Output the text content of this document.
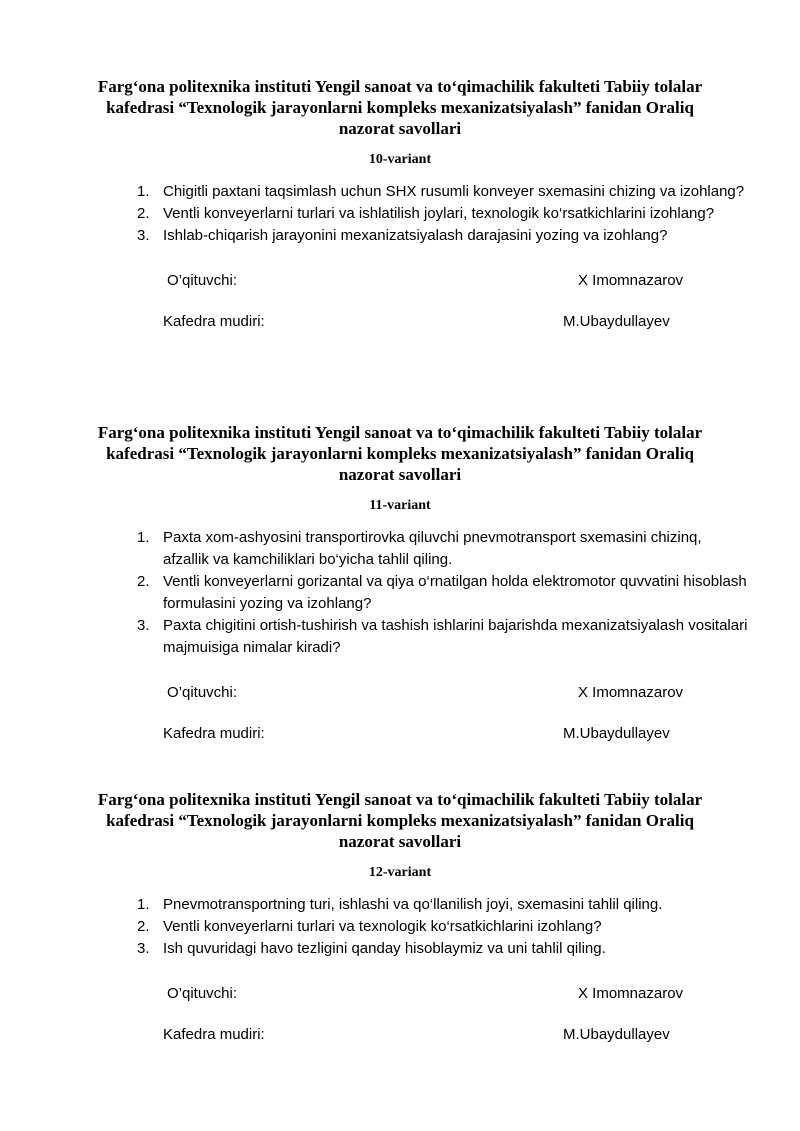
Farg‘ona politexnika instituti Yengil sanoat va to‘qimachilik fakulteti Tabiiy tolalar kafedrasi “Texnologik jarayonlarni kompleks mexanizatsiyalash” fanidan Oraliq nazorat savollari
10-variant
1. Chigitli paxtani taqsimlash uchun SHX rusumli konveyer sxemasini chizing va izohlang?
2. Ventli konveyerlarni turlari va ishlatilish joylari, texnologik ko‘rsatkichlarini izohlang?
3. Ishlab-chiqarish jarayonini mexanizatsiyalash darajasini yozing va izohlang?
O’qituvchi:	X Imomnazarov
Kafedra mudiri:	M.Ubaydullayev
Farg‘ona politexnika instituti Yengil sanoat va to‘qimachilik fakulteti Tabiiy tolalar kafedrasi “Texnologik jarayonlarni kompleks mexanizatsiyalash” fanidan Oraliq nazorat savollari
11-variant
1. Paxta xom-ashyosini transportirovka qiluvchi pnevmotransport sxemasini chizinq, afzallik va kamchiliklari bo‘yicha tahlil qiling.
2. Ventli konveyerlarni gorizantal va qiya o‘rnatilgan holda elektromotor quvvatini hisoblash formulasini yozing va izohlang?
3. Paxta chigitini ortish-tushirish va tashish ishlarini bajarishda mexanizatsiyalash vositalari majmuisiga nimalar kiradi?
O’qituvchi:	X Imomnazarov
Kafedra mudiri:	M.Ubaydullayev
Farg‘ona politexnika instituti Yengil sanoat va to‘qimachilik fakulteti Tabiiy tolalar kafedrasi “Texnologik jarayonlarni kompleks mexanizatsiyalash” fanidan Oraliq nazorat savollari
12-variant
1. Pnevmotransportning turi, ishlashi va qo‘llanilish joyi, sxemasini tahlil qiling.
2. Ventli konveyerlarni turlari va texnologik ko‘rsatkichlarini izohlang?
3. Ish quvuridagi havo tezligini qanday hisoblaymiz va uni tahlil qiling.
O’qituvchi:	X Imomnazarov
Kafedra mudiri:	M.Ubaydullayev
